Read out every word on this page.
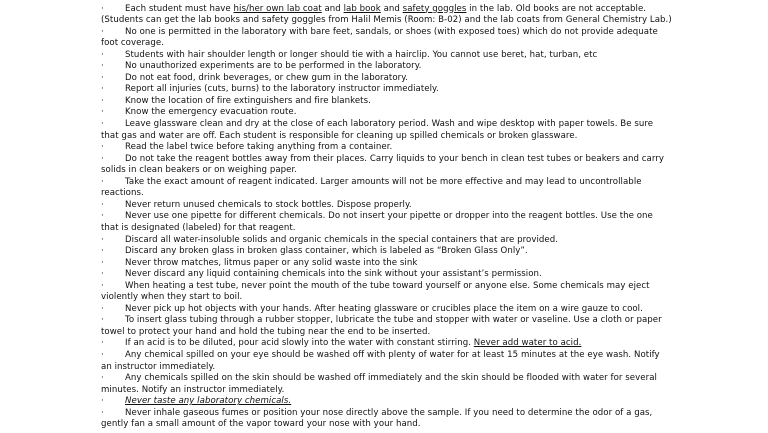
· Each student must have his/her own lab coat and lab book and safety goggles in the lab. Old books are not acceptable.

(Students can get the lab books and safety goggles from Halil Memis (Room: B-02) and the lab coats from General Chemistry Lab.)

· No one is permitted in the laboratory with bare feet, sandals, or shoes (with exposed toes) which do not provide adequate

foot coverage.

· Students with hair shoulder length or longer should tie with a hairclip. You cannot use beret, hat, turban, etc

· No unauthorized experiments are to be performed in the laboratory.

· Do not eat food, drink beverages, or chew gum in the laboratory.

· Report all injuries (cuts, burns) to the laboratory instructor immediately.

· Know the location of fire extinguishers and fire blankets.

· Know the emergency evacuation route.

· Leave glassware clean and dry at the close of each laboratory period. Wash and wipe desktop with paper towels. Be sure

that gas and water are off. Each student is responsible for cleaning up spilled chemicals or broken glassware.

· Read the label twice before taking anything from a container.

· Do not take the reagent bottles away from their places. Carry liquids to your bench in clean test tubes or beakers and carry

solids in clean beakers or on weighing paper.

· Take the exact amount of reagent indicated. Larger amounts will not be more effective and may lead to uncontrollable

reactions.

· Never return unused chemicals to stock bottles. Dispose properly.

· Never use one pipette for different chemicals. Do not insert your pipette or dropper into the reagent bottles. Use the one

that is designated (labeled) for that reagent.

· Discard all water-insoluble solids and organic chemicals in the special containers that are provided.

· Discard any broken glass in broken glass container, which is labeled as “Broken Glass Only”.

· Never throw matches, litmus paper or any solid waste into the sink

· Never discard any liquid containing chemicals into the sink without your assistant’s permission.

· When heating a test tube, never point the mouth of the tube toward yourself or anyone else. Some chemicals may eject

violently when they start to boil.

· Never pick up hot objects with your hands. After heating glassware or crucibles place the item on a wire gauze to cool.

· To insert glass tubing through a rubber stopper, lubricate the tube and stopper with water or vaseline. Use a cloth or paper

towel to protect your hand and hold the tubing near the end to be inserted.

· If an acid is to be diluted, pour acid slowly into the water with constant stirring. Never add water to acid.

· Any chemical spilled on your eye should be washed off with plenty of water for at least 15 minutes at the eye wash. Notify

an instructor immediately.

· Any chemicals spilled on the skin should be washed off immediately and the skin should be flooded with water for several

minutes. Notify an instructor immediately.

· Never taste any laboratory chemicals.

· Never inhale gaseous fumes or position your nose directly above the sample. If you need to determine the odor of a gas,

gently fan a small amount of the vapor toward your nose with your hand.
